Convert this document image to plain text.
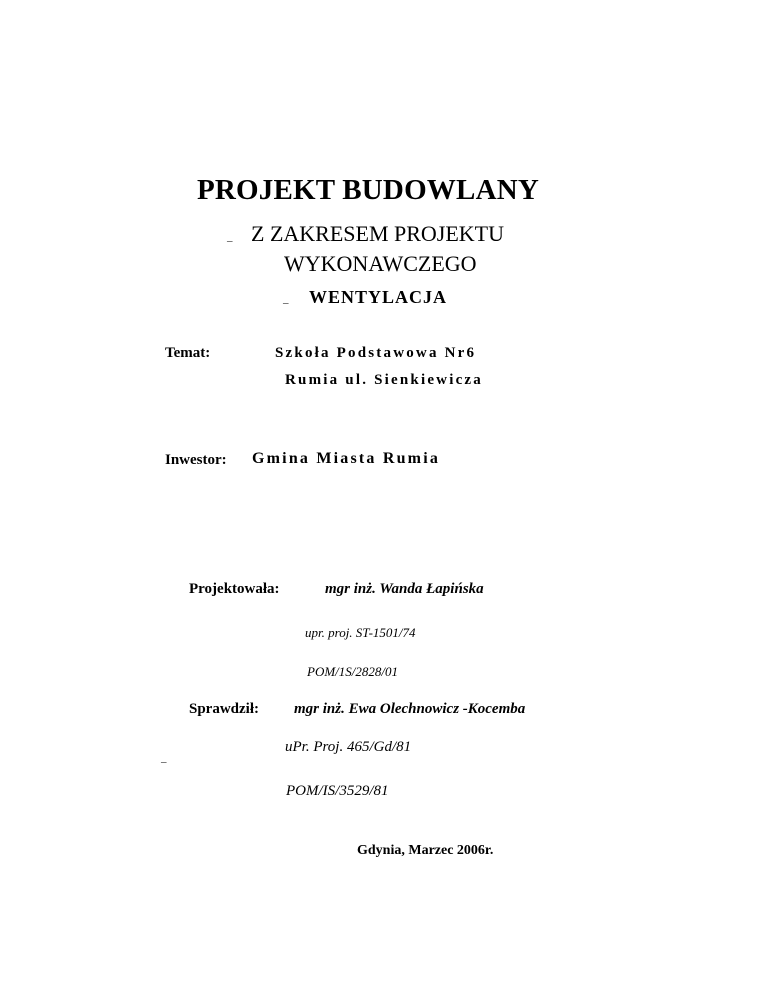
PROJEKT BUDOWLANY
– Z ZAKRESEM PROJEKTU
WYKONAWCZEGO
– WENTYLACJA
Temat:	Szkoła Podstawowa Nr6
Rumia ul. Sienkiewicza
Inwestor: Gmina Miasta Rumia
Projektowała:	mgr inż. Wanda Łapińska
upr. proj. ST-1501/74
POM/1S/2828/01
Sprawdził: mgr inż. Ewa Olechnowicz -Kocemba
uPr. Proj. 465/Gd/81
–
POM/IS/3529/81
Gdynia, Marzec 2006r.
